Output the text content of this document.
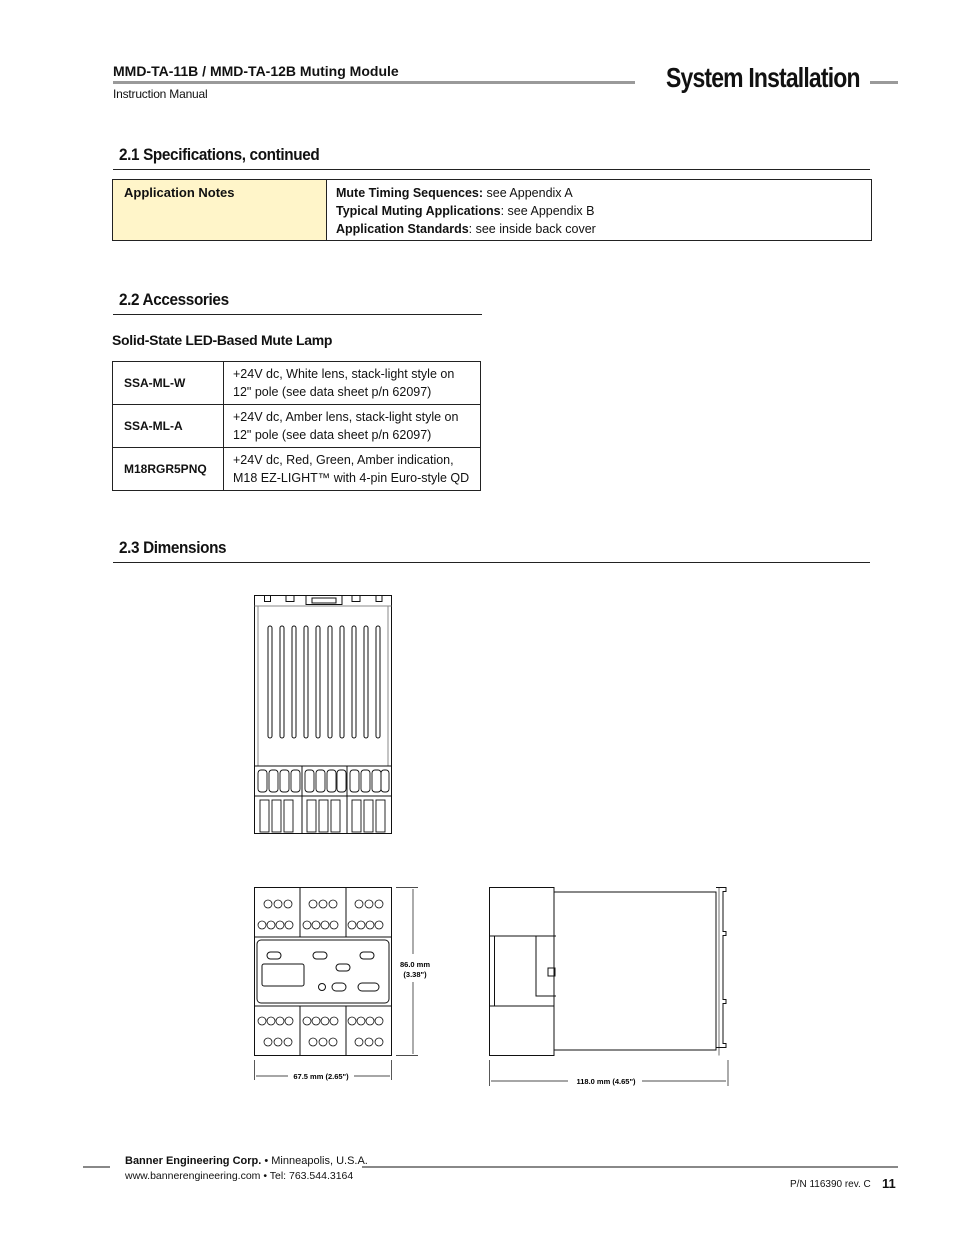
MMD-TA-11B / MMD-TA-12B Muting Module
Instruction Manual
System Installation
2.1 Specifications, continued
Application Notes	Mute Timing Sequences: see Appendix A
Typical Muting Applications: see Appendix B
Application Standards: see inside back cover
2.2 Accessories
Solid-State LED-Based Mute Lamp
SSA-ML-W	+24V dc, White lens, stack-light style on
12" pole (see data sheet p/n 62097)

SSA-ML-A	+24V dc, Amber lens, stack-light style on
12" pole (see data sheet p/n 62097)

M18RGR5PNQ	+24V dc, Red, Green, Amber indication,
M18 EZ-LIGHT™ with 4-pin Euro-style QD
2.3 Dimensions
86.0 mm
(3.38")
67.5 mm (2.65")
118.0 mm (4.65")
Banner Engineering Corp. • Minneapolis, U.S.A.
www.bannerengineering.com • Tel: 763.544.3164
P/N 116390 rev. C 11
